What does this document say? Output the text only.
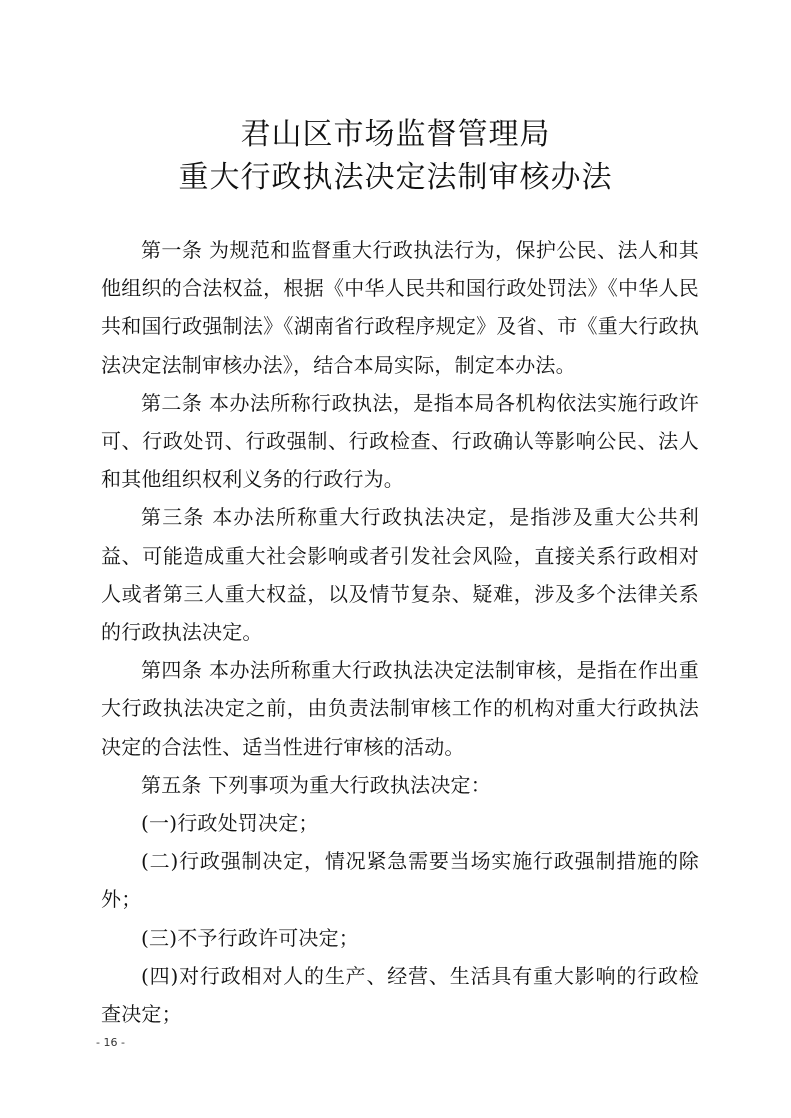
君山区市场监督管理局
重大行政执法决定法制审核办法

第一条 为规范和监督重大行政执法行为，保护公民、法人和其他组织的合法权益，根据《中华人民共和国行政处罚法》《中华人民共和国行政强制法》《湖南省行政程序规定》及省、市《重大行政执法决定法制审核办法》，结合本局实际，制定本办法。

第二条 本办法所称行政执法，是指本局各机构依法实施行政许可、行政处罚、行政强制、行政检查、行政确认等影响公民、法人和其他组织权利义务的行政行为。

第三条 本办法所称重大行政执法决定，是指涉及重大公共利益、可能造成重大社会影响或者引发社会风险，直接关系行政相对人或者第三人重大权益，以及情节复杂、疑难，涉及多个法律关系的行政执法决定。

第四条 本办法所称重大行政执法决定法制审核，是指在作出重大行政执法决定之前，由负责法制审核工作的机构对重大行政执法决定的合法性、适当性进行审核的活动。

第五条 下列事项为重大行政执法决定：

(一)行政处罚决定；

(二)行政强制决定，情况紧急需要当场实施行政强制措施的除外；

(三)不予行政许可决定；

(四)对行政相对人的生产、经营、生活具有重大影响的行政检查决定；

- 16 -
